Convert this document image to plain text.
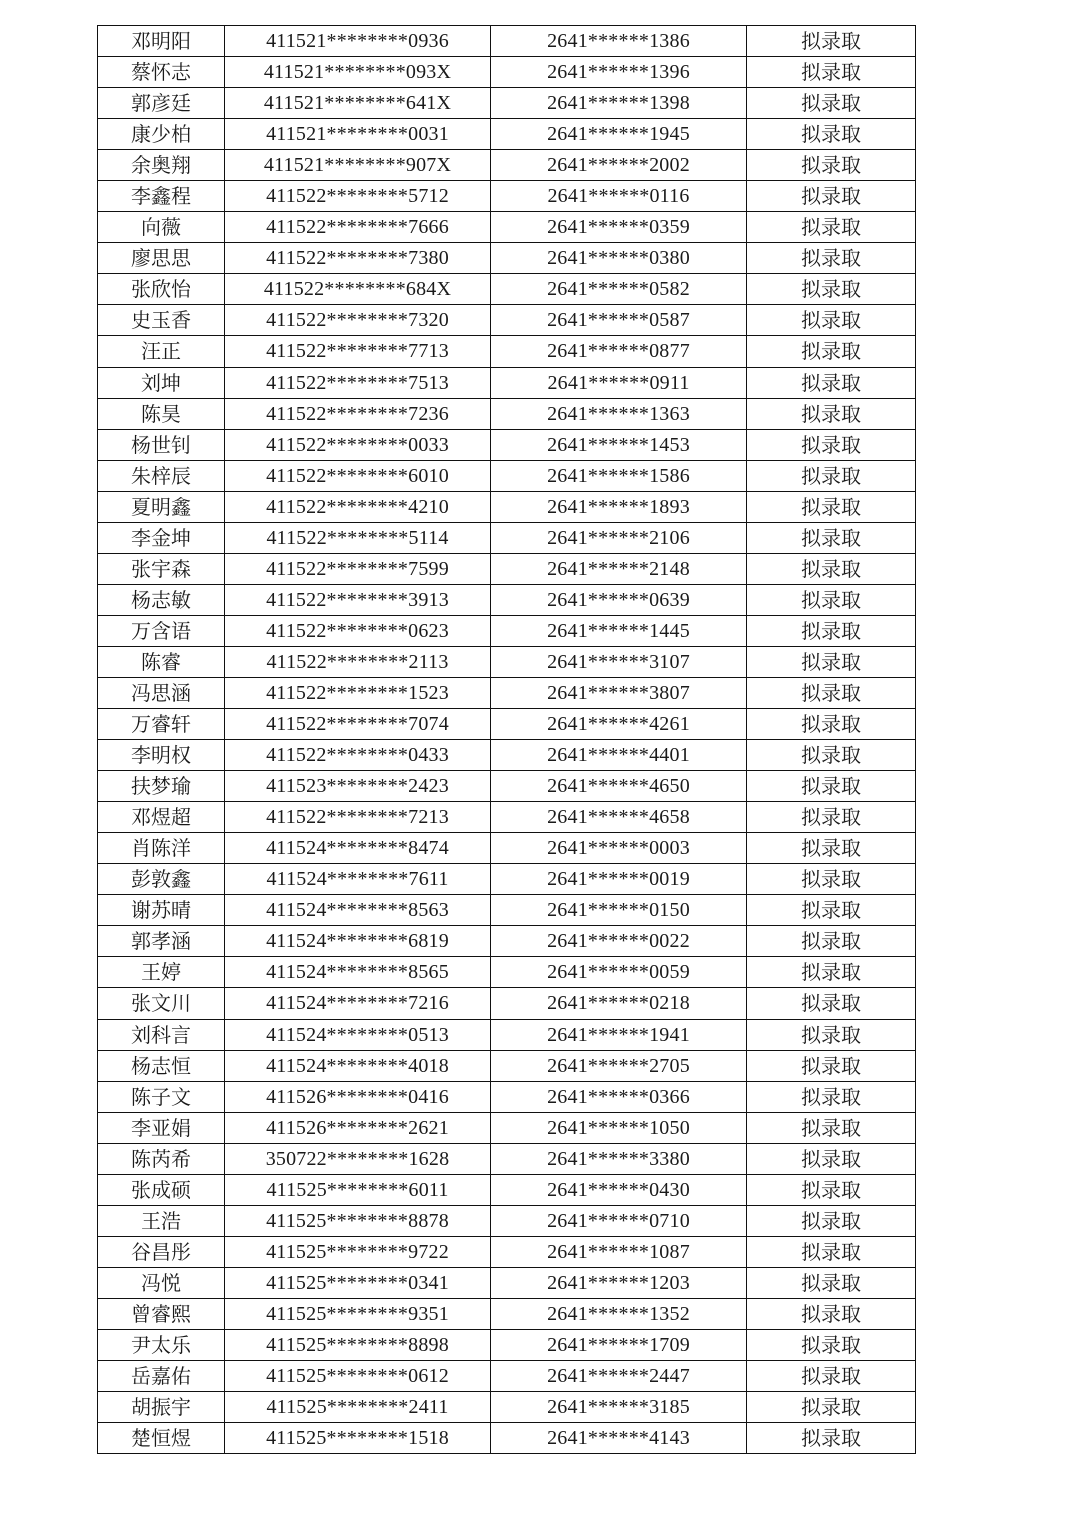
邓明阳	411521********0936	2641******1386	拟录取
蔡怀志	411521********093X	2641******1396	拟录取
郭彦廷	411521********641X	2641******1398	拟录取
康少柏	411521********0031	2641******1945	拟录取
余奥翔	411521********907X	2641******2002	拟录取
李鑫程	411522********5712	2641******0116	拟录取
向薇	411522********7666	2641******0359	拟录取
廖思思	411522********7380	2641******0380	拟录取
张欣怡	411522********684X	2641******0582	拟录取
史玉香	411522********7320	2641******0587	拟录取
汪正	411522********7713	2641******0877	拟录取
刘坤	411522********7513	2641******0911	拟录取
陈昊	411522********7236	2641******1363	拟录取
杨世钊	411522********0033	2641******1453	拟录取
朱梓辰	411522********6010	2641******1586	拟录取
夏明鑫	411522********4210	2641******1893	拟录取
李金坤	411522********5114	2641******2106	拟录取
张宇森	411522********7599	2641******2148	拟录取
杨志敏	411522********3913	2641******0639	拟录取
万含语	411522********0623	2641******1445	拟录取
陈睿	411522********2113	2641******3107	拟录取
冯思涵	411522********1523	2641******3807	拟录取
万睿轩	411522********7074	2641******4261	拟录取
李明权	411522********0433	2641******4401	拟录取
扶梦瑜	411523********2423	2641******4650	拟录取
邓煜超	411522********7213	2641******4658	拟录取
肖陈洋	411524********8474	2641******0003	拟录取
彭敦鑫	411524********7611	2641******0019	拟录取
谢苏晴	411524********8563	2641******0150	拟录取
郭孝涵	411524********6819	2641******0022	拟录取
王婷	411524********8565	2641******0059	拟录取
张文川	411524********7216	2641******0218	拟录取
刘科言	411524********0513	2641******1941	拟录取
杨志恒	411524********4018	2641******2705	拟录取
陈子文	411526********0416	2641******0366	拟录取
李亚娟	411526********2621	2641******1050	拟录取
陈芮希	350722********1628	2641******3380	拟录取
张成硕	411525********6011	2641******0430	拟录取
王浩	411525********8878	2641******0710	拟录取
谷昌彤	411525********9722	2641******1087	拟录取
冯悦	411525********0341	2641******1203	拟录取
曾睿熙	411525********9351	2641******1352	拟录取
尹太乐	411525********8898	2641******1709	拟录取
岳嘉佑	411525********0612	2641******2447	拟录取
胡振宇	411525********2411	2641******3185	拟录取
楚恒煜	411525********1518	2641******4143	拟录取
